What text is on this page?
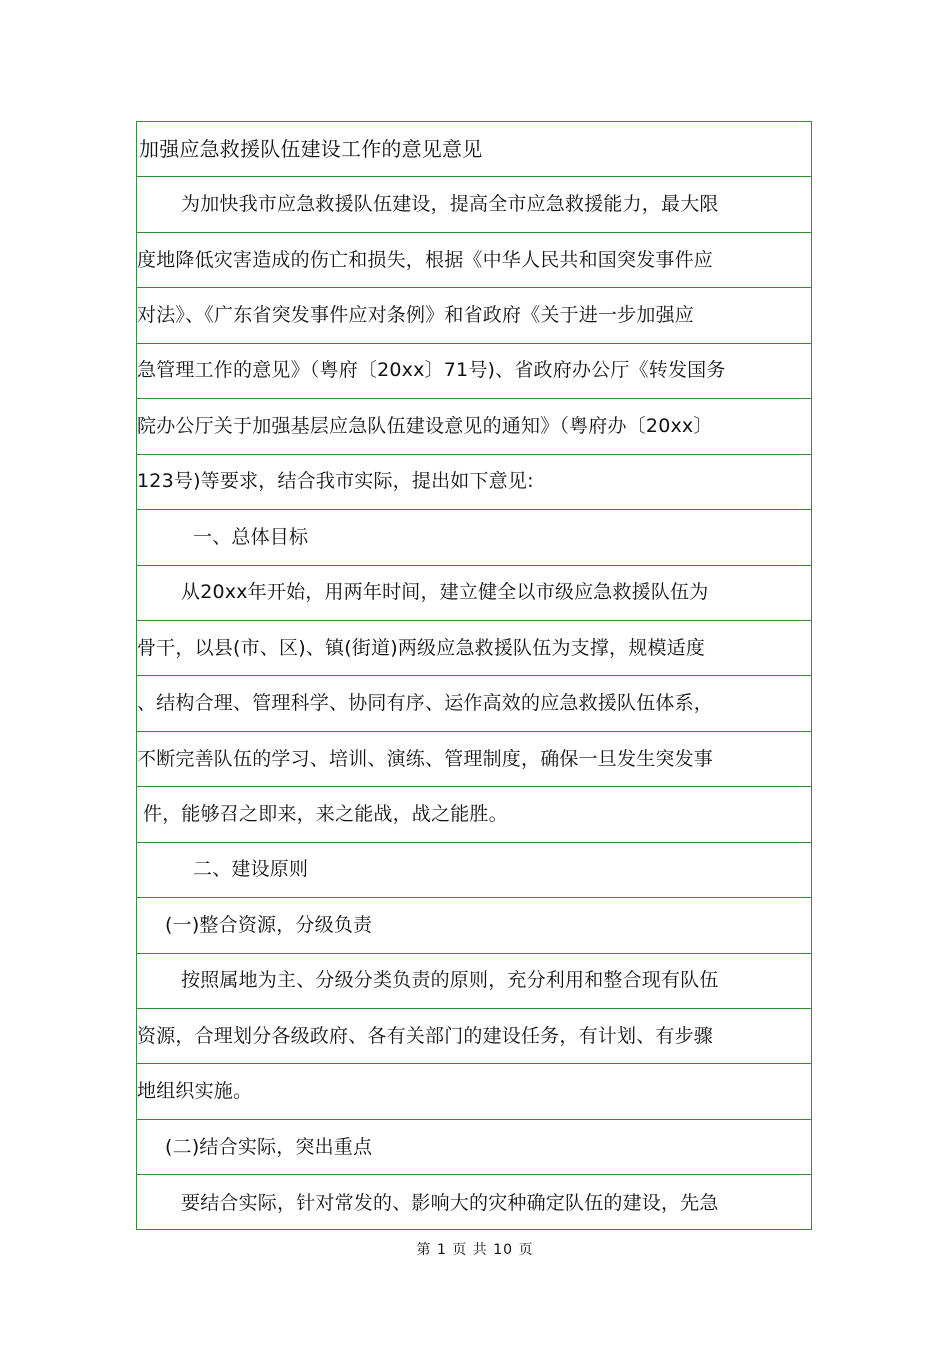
加强应急救援队伍建设工作的意见意见
为加快我市应急救援队伍建设，提高全市应急救援能力，最大限
度地降低灾害造成的伤亡和损失，根据《中华人民共和国突发事件应
对法》、《广东省突发事件应对条例》和省政府《关于进一步加强应
急管理工作的意见》（粤府〔20xx〕71号)、省政府办公厅《转发国务
院办公厅关于加强基层应急队伍建设意见的通知》（粤府办〔20xx〕
123号)等要求，结合我市实际，提出如下意见:
一、总体目标
从20xx年开始，用两年时间，建立健全以市级应急救援队伍为
骨干，以县(市、区)、镇(街道)两级应急救援队伍为支撑，规模适度
、结构合理、管理科学、协同有序、运作高效的应急救援队伍体系，
不断完善队伍的学习、培训、演练、管理制度，确保一旦发生突发事
件，能够召之即来，来之能战，战之能胜。
二、建设原则
(一)整合资源，分级负责
按照属地为主、分级分类负责的原则，充分利用和整合现有队伍
资源，合理划分各级政府、各有关部门的建设任务，有计划、有步骤
地组织实施。
(二)结合实际，突出重点
要结合实际，针对常发的、影响大的灾种确定队伍的建设，先急
第 1 页 共 10 页
